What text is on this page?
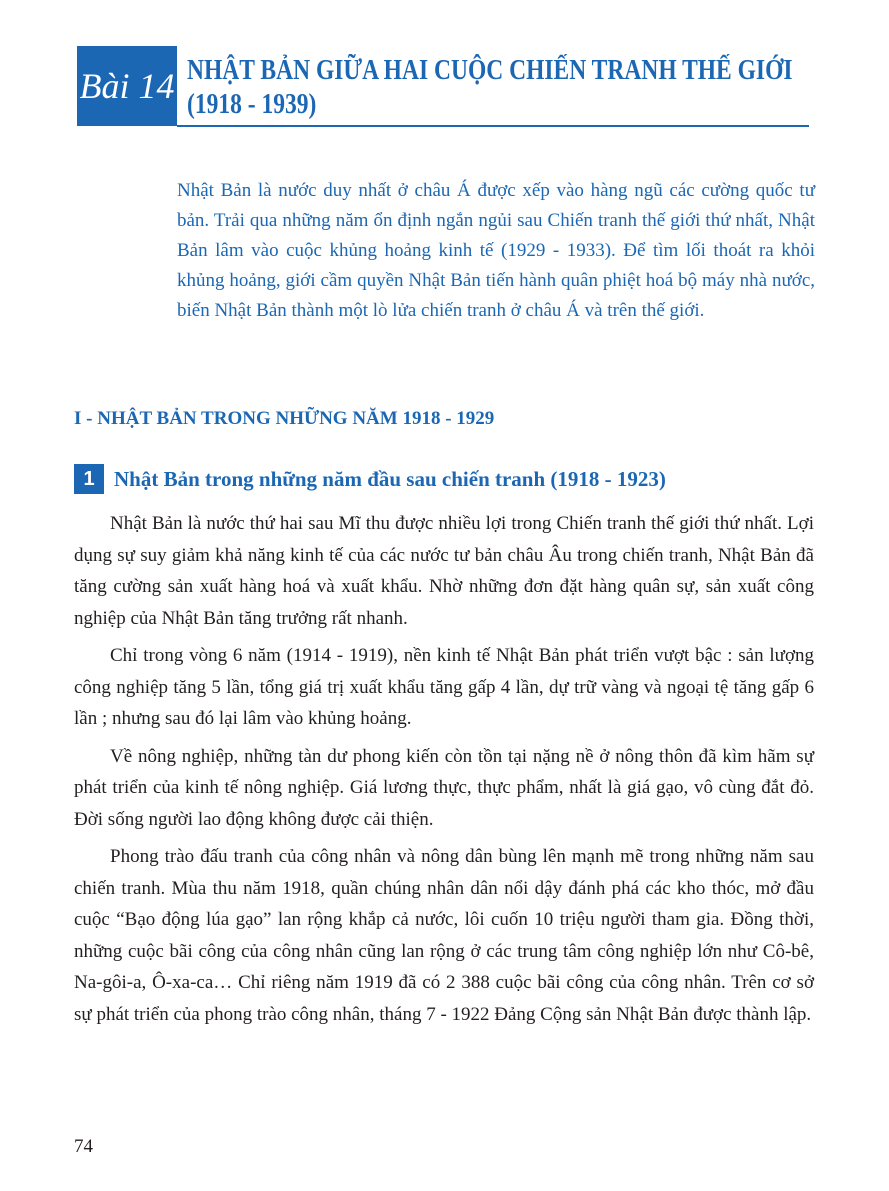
Bài 14 NHẬT BẢN GIỮA HAI CUỘC CHIẾN TRANH THẾ GIỚI
(1918 - 1939)
Nhật Bản là nước duy nhất ở châu Á được xếp vào hàng ngũ các cường quốc tư bản. Trải qua những năm ổn định ngắn ngủi sau Chiến tranh thế giới thứ nhất, Nhật Bản lâm vào cuộc khủng hoảng kinh tế (1929 - 1933). Để tìm lối thoát ra khỏi khủng hoảng, giới cầm quyền Nhật Bản tiến hành quân phiệt hoá bộ máy nhà nước, biến Nhật Bản thành một lò lửa chiến tranh ở châu Á và trên thế giới.
I - NHẬT BẢN TRONG NHỮNG NĂM 1918 - 1929
1 Nhật Bản trong những năm đầu sau chiến tranh (1918 - 1923)

Nhật Bản là nước thứ hai sau Mĩ thu được nhiều lợi trong Chiến tranh thế giới thứ nhất. Lợi dụng sự suy giảm khả năng kinh tế của các nước tư bản châu Âu trong chiến tranh, Nhật Bản đã tăng cường sản xuất hàng hoá và xuất khẩu. Nhờ những đơn đặt hàng quân sự, sản xuất công nghiệp của Nhật Bản tăng trưởng rất nhanh.

Chỉ trong vòng 6 năm (1914 - 1919), nền kinh tế Nhật Bản phát triển vượt bậc : sản lượng công nghiệp tăng 5 lần, tổng giá trị xuất khẩu tăng gấp 4 lần, dự trữ vàng và ngoại tệ tăng gấp 6 lần ; nhưng sau đó lại lâm vào khủng hoảng.

Về nông nghiệp, những tàn dư phong kiến còn tồn tại nặng nề ở nông thôn đã kìm hãm sự phát triển của kinh tế nông nghiệp. Giá lương thực, thực phẩm, nhất là giá gạo, vô cùng đắt đỏ. Đời sống người lao động không được cải thiện.

Phong trào đấu tranh của công nhân và nông dân bùng lên mạnh mẽ trong những năm sau chiến tranh. Mùa thu năm 1918, quần chúng nhân dân nổi dậy đánh phá các kho thóc, mở đầu cuộc “Bạo động lúa gạo” lan rộng khắp cả nước, lôi cuốn 10 triệu người tham gia. Đồng thời, những cuộc bãi công của công nhân cũng lan rộng ở các trung tâm công nghiệp lớn như Cô-bê, Na-gôi-a, Ô-xa-ca… Chỉ riêng năm 1919 đã có 2 388 cuộc bãi công của công nhân. Trên cơ sở sự phát triển của phong trào công nhân, tháng 7 - 1922 Đảng Cộng sản Nhật Bản được thành lập.

74
